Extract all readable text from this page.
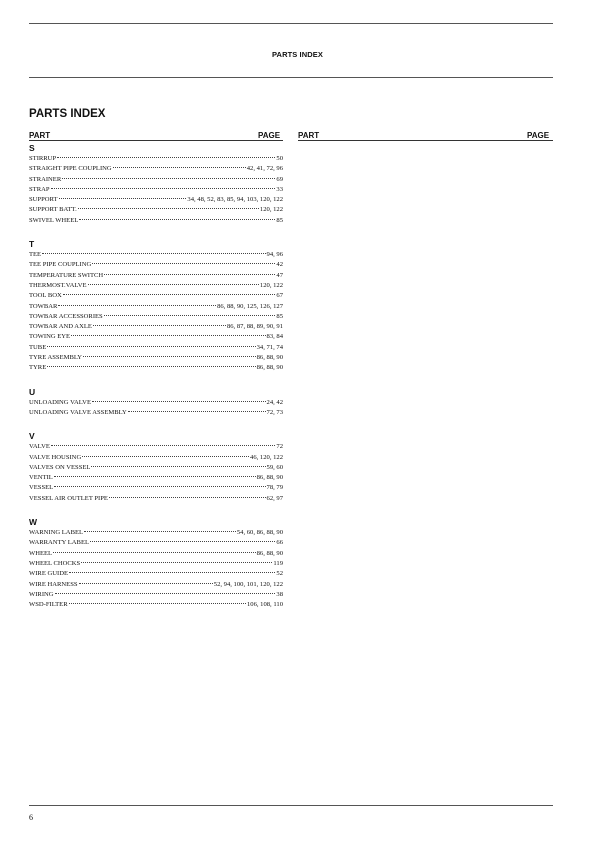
PARTS INDEX
PARTS INDEX
PART	PAGE PART	PAGE
S
STIRRUP	50
STRAIGHT PIPE COUPLING	42, 41, 72, 96
STRAINER	69
STRAP	33
SUPPORT	34, 48, 52, 83, 85, 94, 103, 120, 122
SUPPORT BATT.	120, 122
SWIVEL WHEEL	85
T
TEE	94, 96
TEE PIPE COUPLING	42
TEMPERATURE SWITCH	47
THERMOST.VALVE	120, 122
TOOL BOX	67
TOWBAR	86, 88, 90, 125, 126, 127
TOWBAR ACCESSORIES	85
TOWBAR AND AXLE	86, 87, 88, 89, 90, 91
TOWING EYE	83, 84
TUBE	34, 71, 74
TYRE ASSEMBLY	86, 88, 90
TYRE	86, 88, 90
U
UNLOADING VALVE	24, 42
UNLOADING VALVE ASSEMBLY	72, 73
V
VALVE	72
VALVE HOUSING	46, 120, 122
VALVES ON VESSEL	59, 60
VENTIL	86, 88, 90
VESSEL	78, 79
VESSEL AIR OUTLET PIPE	62, 97
W
WARNING LABEL	54, 60, 86, 88, 90
WARRANTY LABEL	66
WHEEL	86, 88, 90
WHEEL CHOCKS	119
WIRE GUIDE	52
WIRE HARNESS	52, 94, 100, 101, 120, 122
WIRING	38
WSD-FILTER	106, 108, 110
6
